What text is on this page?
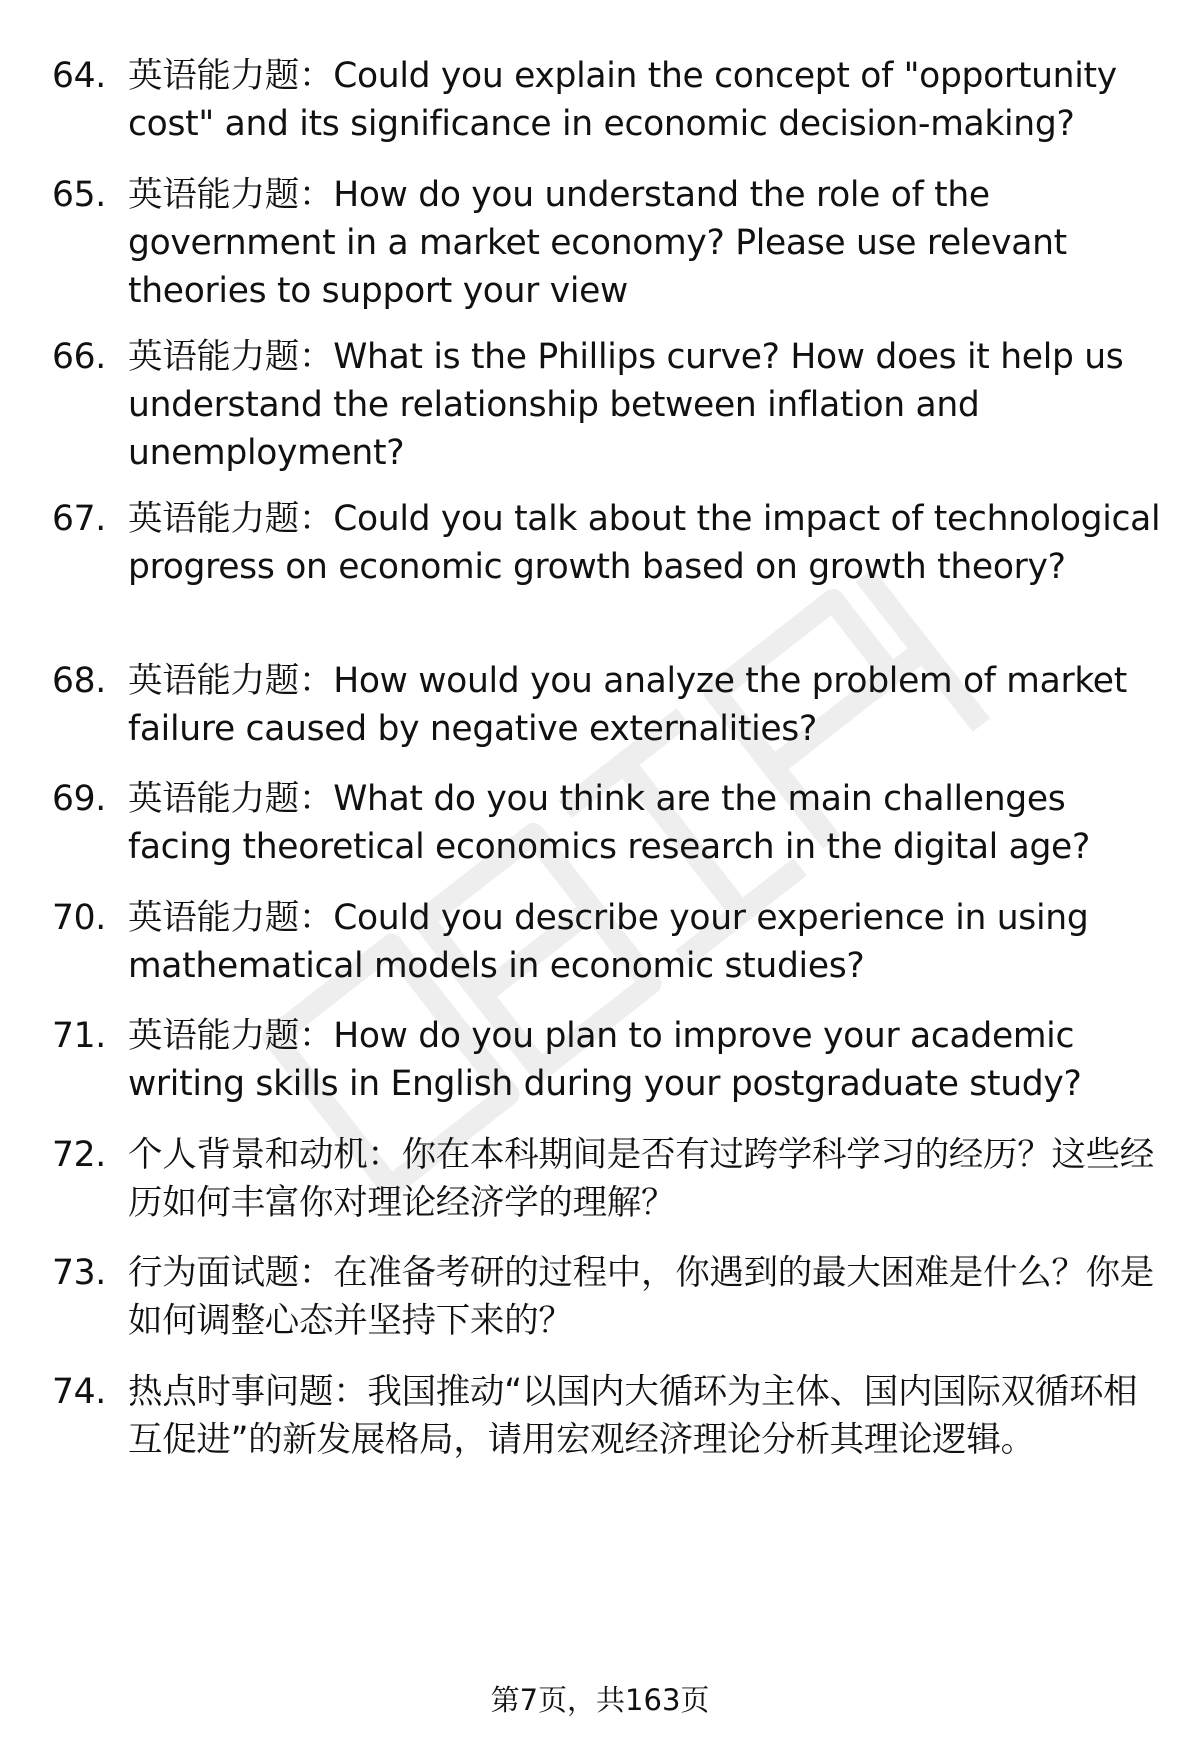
64. 英语能力题：Could you explain the concept of "opportunity cost" and its significance in economic decision-making?
65. 英语能力题：How do you understand the role of the government in a market economy? Please use relevant theories to support your view
66. 英语能力题：What is the Phillips curve? How does it help us understand the relationship between inflation and unemployment?
67. 英语能力题：Could you talk about the impact of technological progress on economic growth based on growth theory?
68. 英语能力题：How would you analyze the problem of market failure caused by negative externalities?
69. 英语能力题：What do you think are the main challenges facing theoretical economics research in the digital age?
70. 英语能力题：Could you describe your experience in using mathematical models in economic studies?
71. 英语能力题：How do you plan to improve your academic writing skills in English during your postgraduate study?
72. 个人背景和动机：你在本科期间是否有过跨学科学习的经历？这些经历如何丰富你对理论经济学的理解？
73. 行为面试题：在准备考研的过程中，你遇到的最大困难是什么？你是如何调整心态并坚持下来的？
74. 热点时事问题：我国推动“以国内大循环为主体、国内国际双循环相互促进”的新发展格局，请用宏观经济理论分析其理论逻辑。
第7页，共163页
